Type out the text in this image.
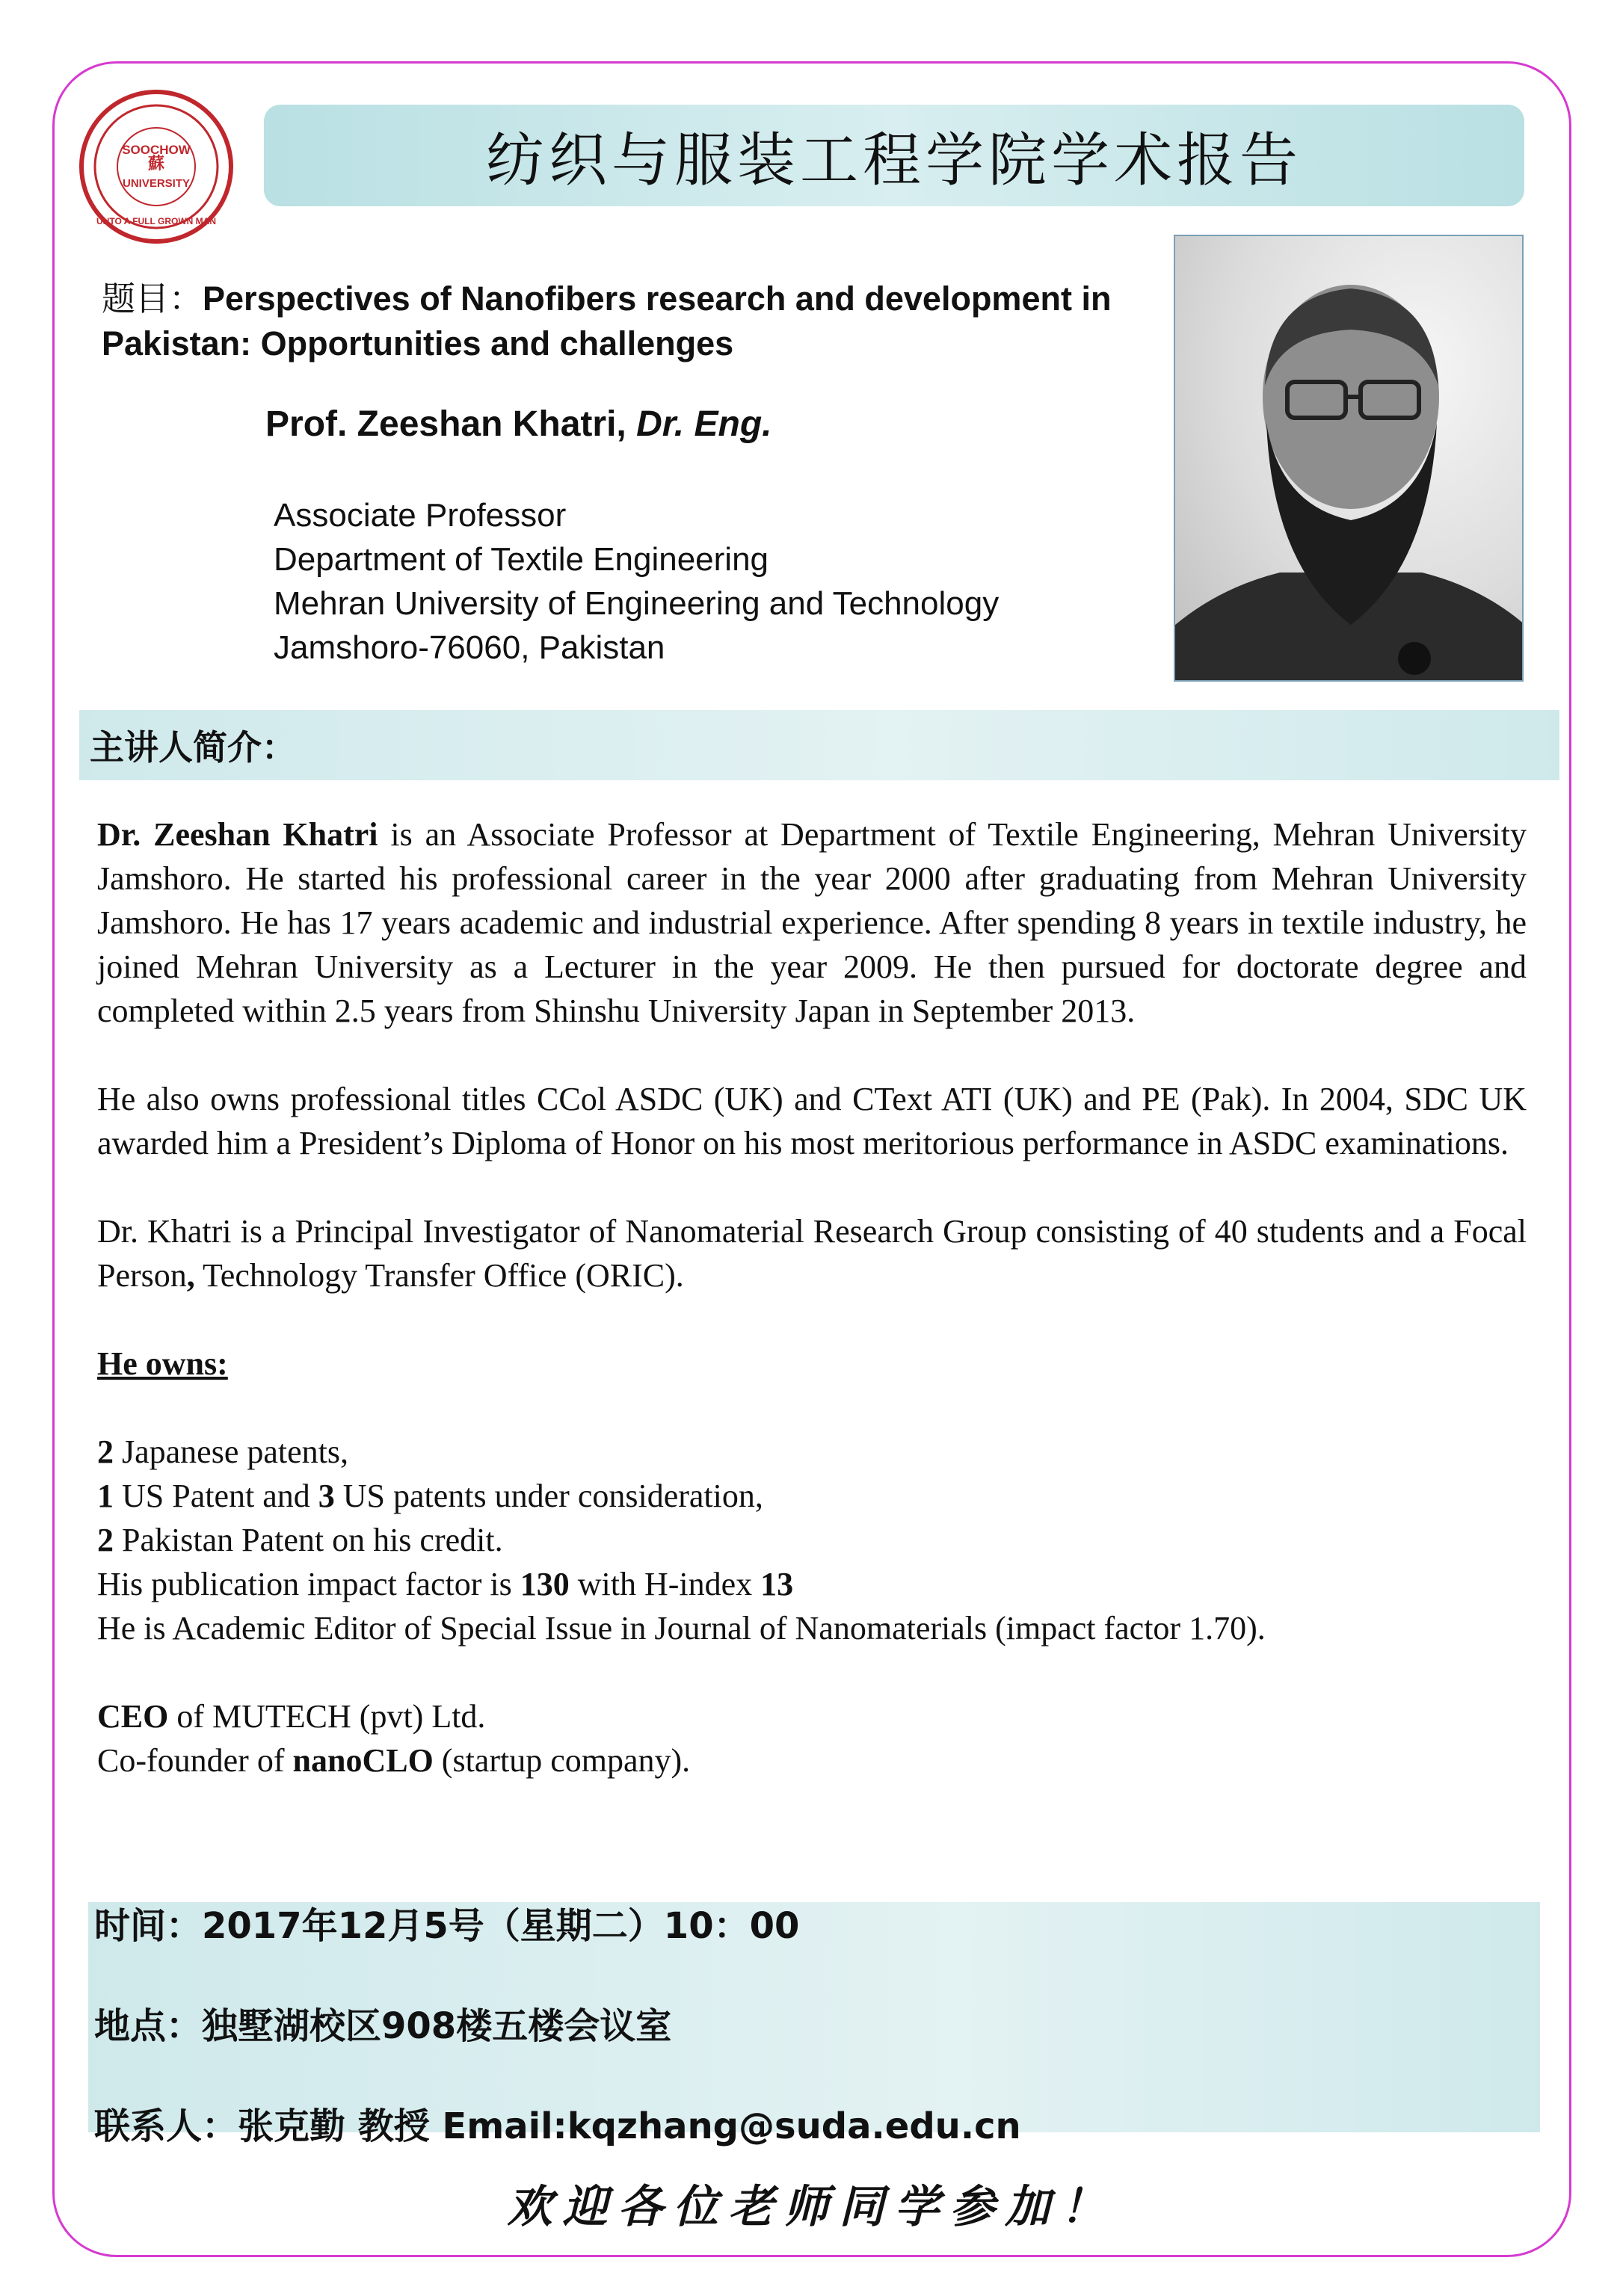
SOOCHOW
蘇
UNIVERSITY
UNTO A FULL GROWN MAN
纺织与服装工程学院学术报告
题目：Perspectives of Nanofibers research and development in Pakistan: Opportunities and challenges
Prof. Zeeshan Khatri, Dr. Eng.
Associate Professor
Department of Textile Engineering
Mehran University of Engineering and Technology
Jamshoro-76060, Pakistan
主讲人简介：

Dr. Zeeshan Khatri is an Associate Professor at Department of Textile Engineering, Mehran University Jamshoro. He started his professional career in the year 2000 after graduating from Mehran University Jamshoro. He has 17 years academic and industrial experience. After spending 8 years in textile industry, he joined Mehran University as a Lecturer in the year 2009. He then pursued for doctorate degree and completed within 2.5 years from Shinshu University Japan in September 2013.

He also owns professional titles CCol ASDC (UK) and CText ATI (UK) and PE (Pak). In 2004, SDC UK awarded him a President’s Diploma of Honor on his most meritorious performance in ASDC examinations.

Dr. Khatri is a Principal Investigator of Nanomaterial Research Group consisting of 40 students and a Focal Person, Technology Transfer Office (ORIC).

He owns:

2 Japanese patents,

1 US Patent and 3 US patents under consideration,

2 Pakistan Patent on his credit.

His publication impact factor is 130 with H-index 13

He is Academic Editor of Special Issue in Journal of Nanomaterials (impact factor 1.70).

CEO of MUTECH (pvt) Ltd.

Co-founder of nanoCLO (startup company).

时间：2017年12月5号（星期二）10：00
地点：独墅湖校区908楼五楼会议室
联系人：张克勤 教授 Email:kqzhang@suda.edu.cn
欢迎各位老师同学参加！
